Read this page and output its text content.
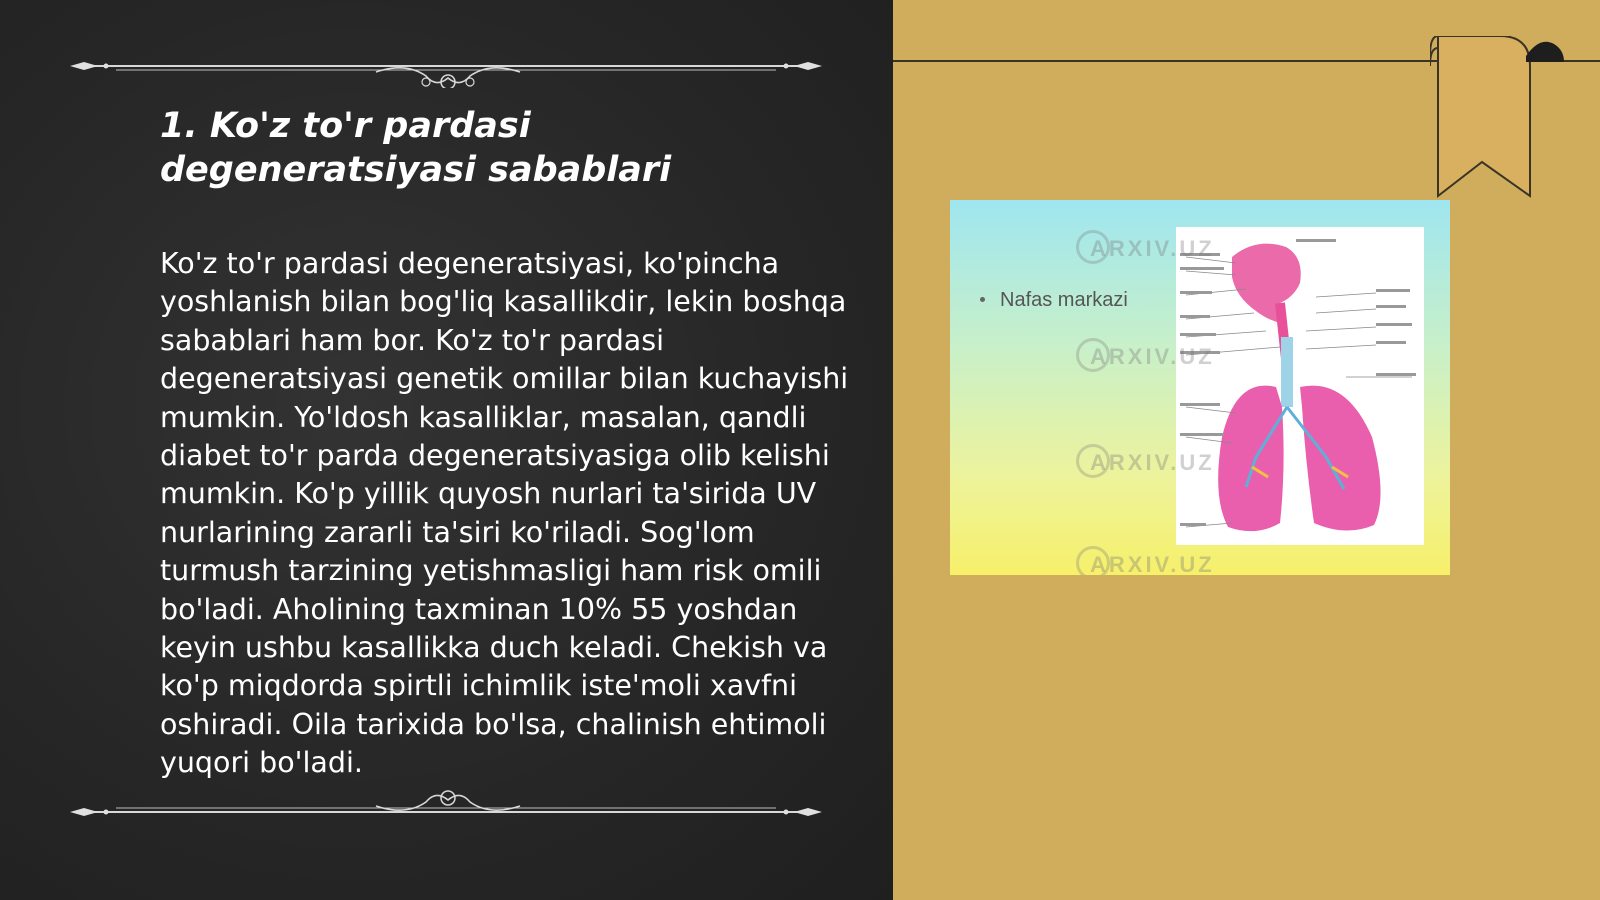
1. Ko'z to'r pardasi degeneratsiyasi sabablari

Ko'z to'r pardasi degeneratsiyasi, ko'pincha yoshlanish bilan bog'liq kasallikdir, lekin boshqa sabablari ham bor. Ko'z to'r pardasi degeneratsiyasi genetik omillar bilan kuchayishi mumkin. Yo'ldosh kasalliklar, masalan, qandli diabet to'r parda degeneratsiyasiga olib kelishi mumkin. Ko'p yillik quyosh nurlari ta'sirida UV nurlarining zararli ta'siri ko'riladi. Sog'lom turmush tarzining yetishmasligi ham risk omili bo'ladi. Aholining taxminan 10% 55 yoshdan keyin ushbu kasallikka duch keladi. Chekish va ko'p miqdorda spirtli ichimlik iste'moli xavfni oshiradi. Oila tarixida bo'lsa, chalinish ehtimoli yuqori bo'ladi.

Nafas markazi
ARXIV.UZ
ARXIV.UZ
ARXIV.UZ
ARXIV.UZ
